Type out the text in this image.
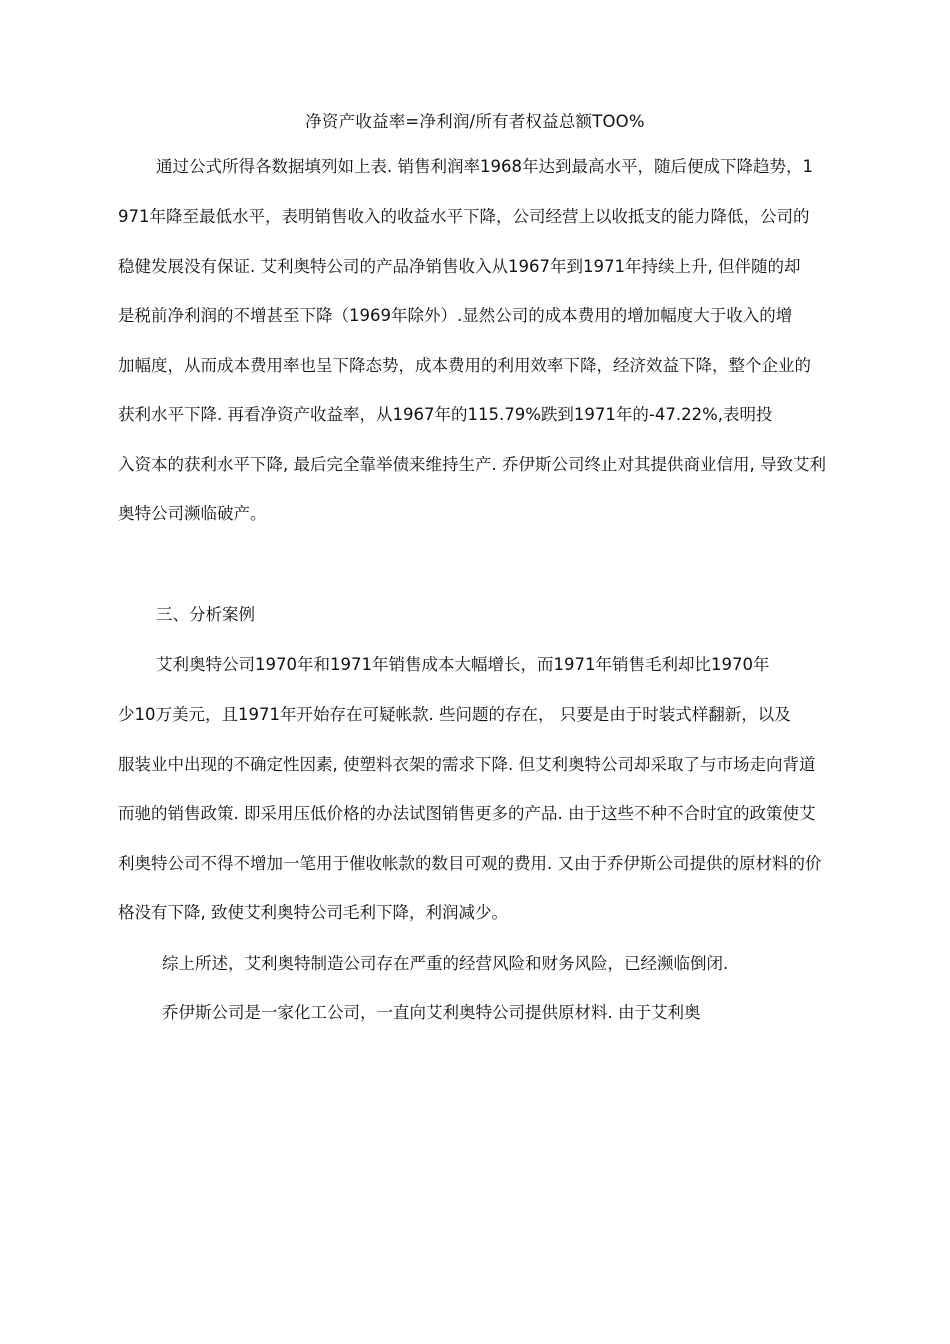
净资产收益率=净利润/所有者权益总额TOO%
通过公式所得各数据填列如上表. 销售利润率1968年达到最高水平，随后便成下降趋势，1
971年降至最低水平，表明销售收入的收益水平下降，公司经营上以收抵支的能力降低，公司的
稳健发展没有保证. 艾利奥特公司的产品净销售收入从1967年到1971年持续上升, 但伴随的却
是税前净利润的不增甚至下降（1969年除外）.显然公司的成本费用的增加幅度大于收入的增
加幅度，从而成本费用率也呈下降态势，成本费用的利用效率下降，经济效益下降，整个企业的
获利水平下降. 再看净资产收益率，从1967年的115.79%跌到1971年的-47.22%,表明投
入资本的获利水平下降, 最后完全靠举债来维持生产. 乔伊斯公司终止对其提供商业信用, 导致艾利
奥特公司濒临破产。
三、分析案例
艾利奥特公司1970年和1971年销售成本大幅增长，而1971年销售毛利却比1970年
少10万美元，且1971年开始存在可疑帐款. 些问题的存在， 只要是由于时装式样翻新，以及
服装业中出现的不确定性因素, 使塑料衣架的需求下降. 但艾利奥特公司却采取了与市场走向背道
而驰的销售政策. 即采用压低价格的办法试图销售更多的产品. 由于这些不种不合时宜的政策使艾
利奥特公司不得不增加一笔用于催收帐款的数目可观的费用. 又由于乔伊斯公司提供的原材料的价
格没有下降, 致使艾利奥特公司毛利下降，利润减少。
综上所述，艾利奥特制造公司存在严重的经营风险和财务风险，已经濒临倒闭.
乔伊斯公司是一家化工公司，一直向艾利奥特公司提供原材料. 由于艾利奥
